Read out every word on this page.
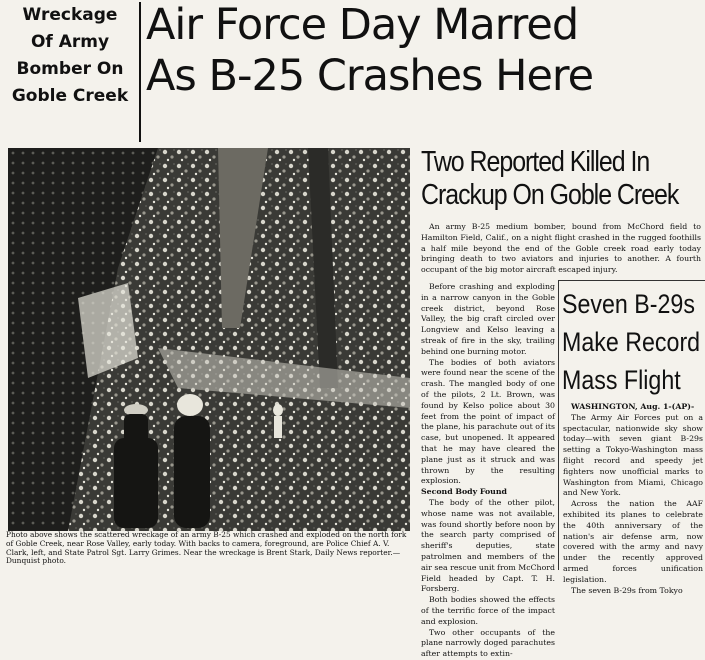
Wreckage
Of Army
Bomber On
Goble Creek
Air Force Day Marred
As B-25 Crashes Here
Photo above shows the scattered wreckage of an army B-25 which crashed and exploded on the north fork of Goble Creek, near Rose Valley, early today. With backs to camera, foreground, are Police Chief A. V. Clark, left, and State Patrol Sgt. Larry Grimes. Near the wreckage is Brent Stark, Daily News reporter.—Dunquist photo.
Two Reported Killed In
Crackup On Goble Creek

An army B-25 medium bomber, bound from McChord field to Hamilton Field, Calif., on a night flight crashed in the rugged foothills a half mile beyond the end of the Goble creek road early today bringing death to two aviators and injuries to another. A fourth occupant of the big motor aircraft escaped injury.

Before crashing and exploding in a narrow canyon in the Goble creek district, beyond Rose Valley, the big craft circled over Longview and Kelso leaving a streak of fire in the sky, trailing behind one burning motor.

The bodies of both aviators were found near the scene of the crash. The mangled body of one of the pilots, 2 Lt. Brown, was found by Kelso police about 30 feet from the point of impact of the plane, his parachute out of its case, but unopened. It appeared that he may have cleared the plane just as it struck and was thrown by the resulting explosion.

Second Body Found

The body of the other pilot, whose name was not available, was found shortly before noon by the search party comprised of sheriff's deputies, state patrolmen and members of the air sea rescue unit from McChord Field headed by Capt. T. H. Forsberg.

Both bodies showed the effects of the terrific force of the impact and explosion.

Two other occupants of the plane narrowly doged parachutes after attempts to extin-

Seven B-29s
Make Record
Mass Flight

WASHINGTON, Aug. 1-(AP)-

The Army Air Forces put on a spectacular, nationwide sky show today—with seven giant B-29s setting a Tokyo-Washington mass flight record and speedy jet fighters now unofficial marks to Washington from Miami, Chicago and New York.

Across the nation the AAF exhibited its planes to celebrate the 40th anniversary of the nation's air defense arm, now covered with the army and navy under the recently approved armed forces unification legislation.

The seven B-29s from Tokyo
